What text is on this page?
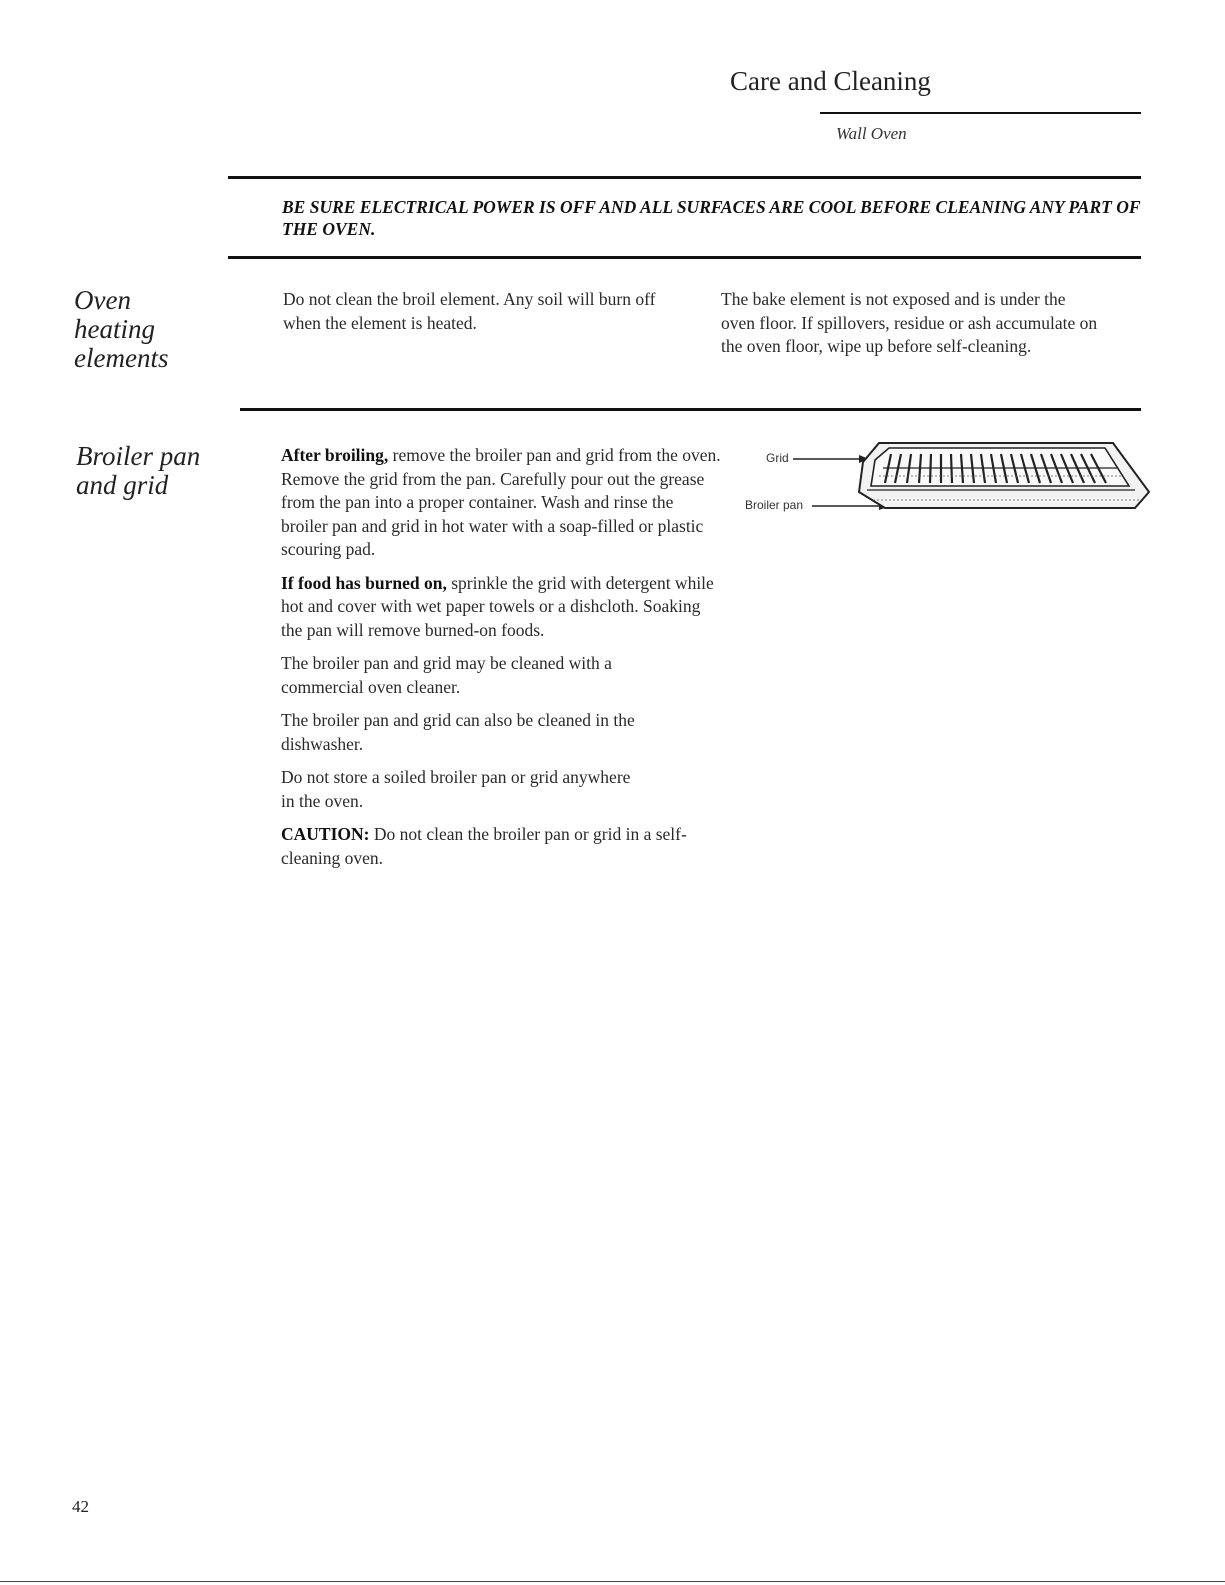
Care and Cleaning
Wall Oven
BE SURE ELECTRICAL POWER IS OFF AND ALL SURFACES ARE COOL BEFORE CLEANING ANY PART OF THE OVEN.
Oven
heating
elements
Do not clean the broil element. Any soil will burn off when the element is heated.
The bake element is not exposed and is under the oven floor. If spillovers, residue or ash accumulate on the oven floor, wipe up before self-cleaning.
Broiler pan
and grid

After broiling, remove the broiler pan and grid from the oven. Remove the grid from the pan. Carefully pour out the grease from the pan into a proper container. Wash and rinse the broiler pan and grid in hot water with a soap-filled or plastic scouring pad.

If food has burned on, sprinkle the grid with detergent while hot and cover with wet paper towels or a dishcloth. Soaking the pan will remove burned-on foods.

The broiler pan and grid may be cleaned with a commercial oven cleaner.

The broiler pan and grid can also be cleaned in the dishwasher.

Do not store a soiled broiler pan or grid anywhere in the oven.

CAUTION: Do not clean the broiler pan or grid in a self-cleaning oven.

Grid
Broiler pan
42
